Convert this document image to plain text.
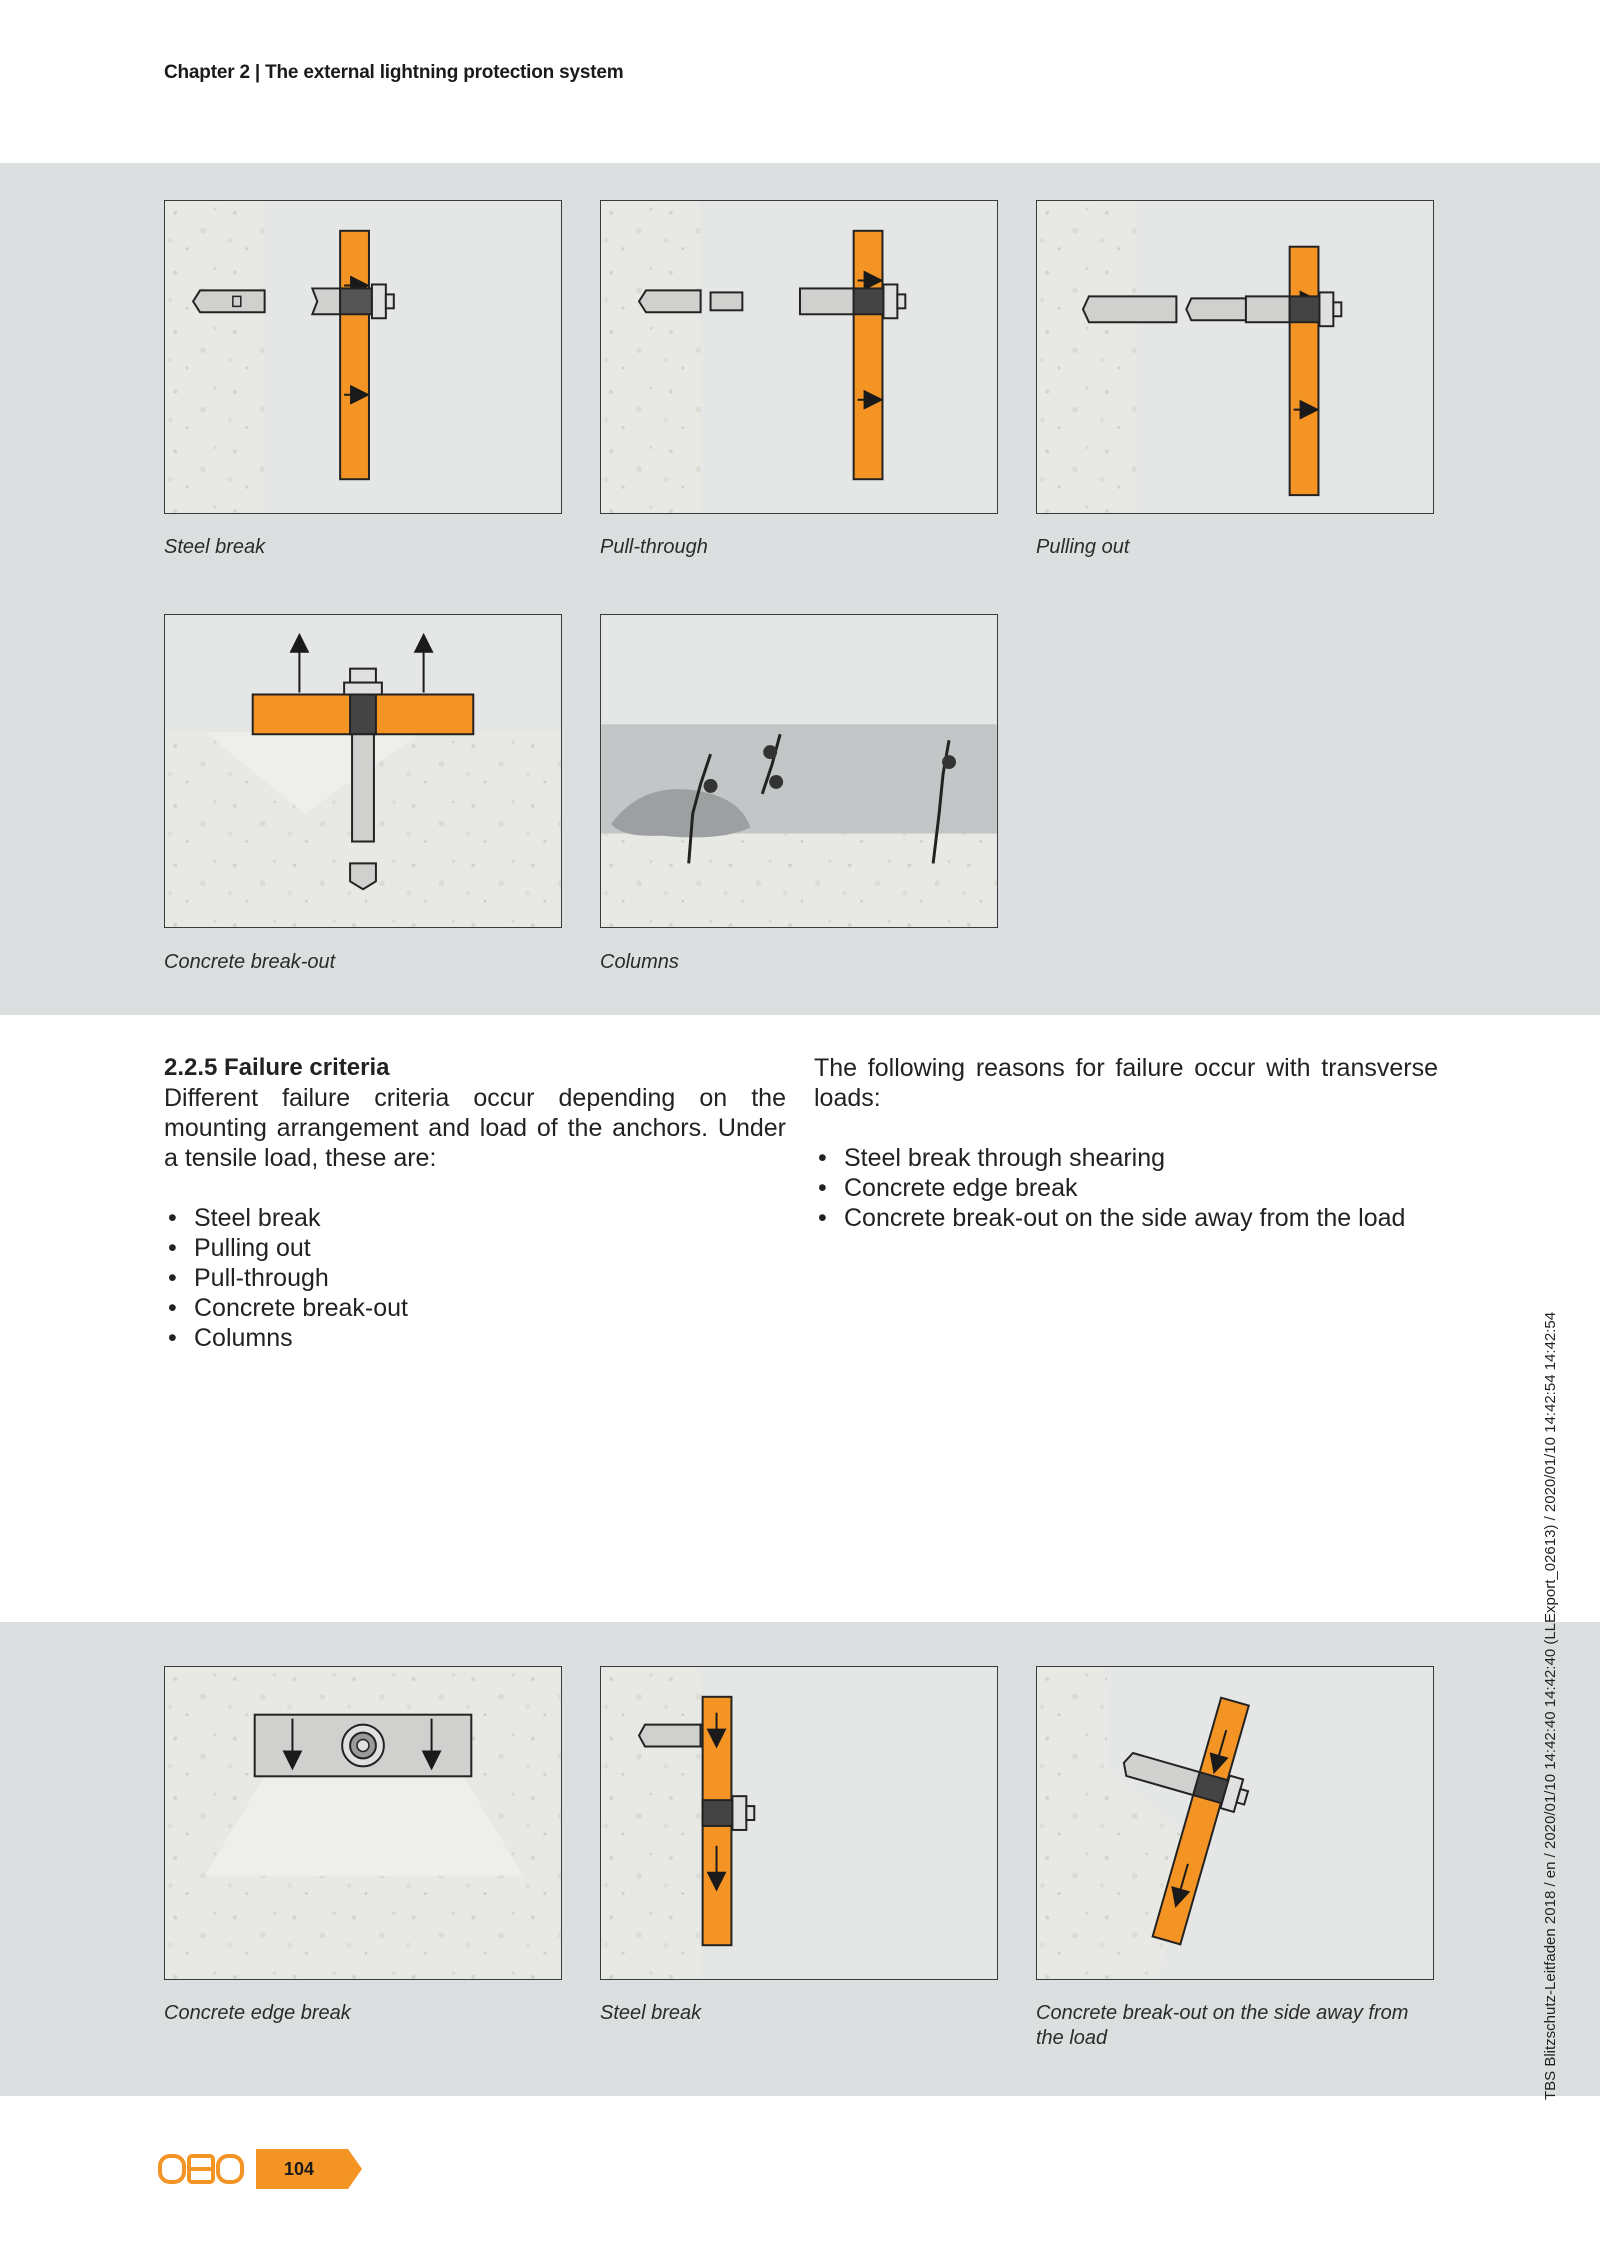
Chapter 2 | The external lightning protection system
Steel break	Pull-through	Pulling out
Concrete break-out	Columns
2.2.5 Failure criteria
Different failure criteria occur depending on the mounting arrangement and load of the anchors. Under a tensile load, these are:
• Steel break
• Pulling out
• Pull-through
• Concrete break-out
• Columns
The following reasons for failure occur with transverse loads:
• Steel break through shearing
• Concrete edge break
• Concrete break-out on the side away from the load
Concrete edge break	Steel break	Concrete break-out on the side away from the load	TBS Blitzschutz-Leitfaden 2018 / en / 2020/01/10 14:42:40 14:42:40 (LLExport_02613) / 2020/01/10 14:42:54 14:42:54
104
